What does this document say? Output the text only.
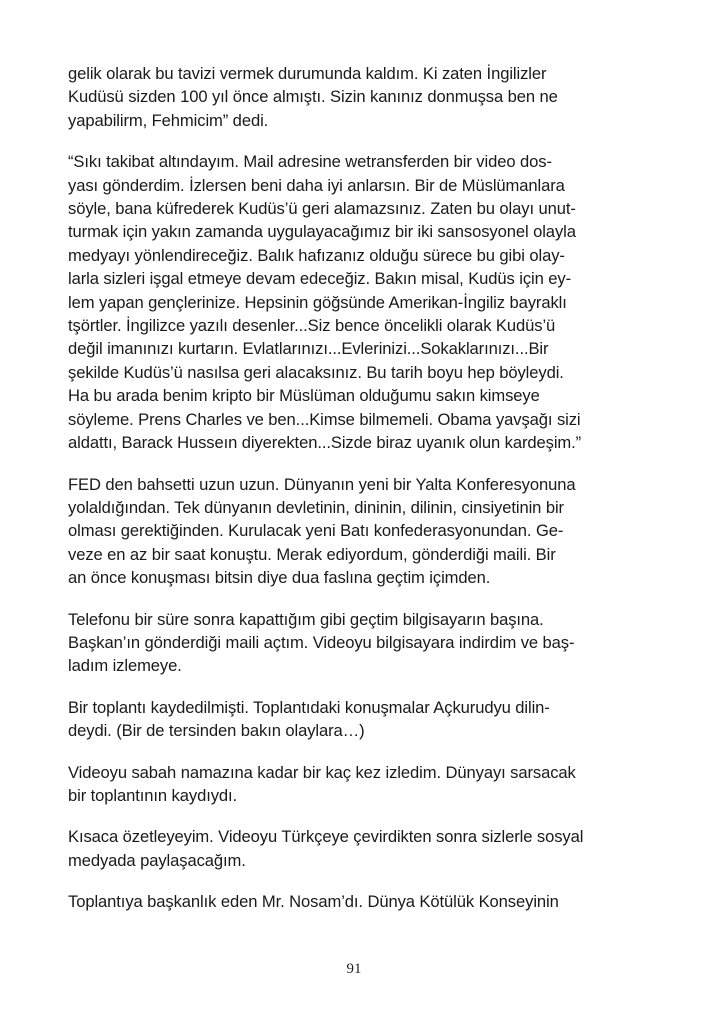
gelik olarak bu tavizi vermek durumunda kaldım. Ki zaten İngilizler
Kudüsü sizden 100 yıl önce almıştı. Sizin kanınız donmuşsa ben ne
yapabilirm, Fehmicim” dedi.

“Sıkı takibat altındayım. Mail adresine wetransferden bir video dos-
yası gönderdim. İzlersen beni daha iyi anlarsın. Bir de Müslümanlara
söyle, bana küfrederek Kudüs’ü geri alamazsınız. Zaten bu olayı unut-
turmak için yakın zamanda uygulayacağımız bir iki sansosyonel olayla
medyayı yönlendireceğiz. Balık hafızanız olduğu sürece bu gibi olay-
larla sizleri işgal etmeye devam edeceğiz. Bakın misal, Kudüs için ey-
lem yapan gençlerinize. Hepsinin göğsünde Amerikan-İngiliz bayraklı
tşörtler. İngilizce yazılı desenler...Siz bence öncelikli olarak Kudüs’ü
değil imanınızı kurtarın. Evlatlarınızı...Evlerinizi...Sokaklarınızı...Bir
şekilde Kudüs’ü nasılsa geri alacaksınız. Bu tarih boyu hep böyleydi.
Ha bu arada benim kripto bir Müslüman olduğumu sakın kimseye
söyleme. Prens Charles ve ben...Kimse bilmemeli. Obama yavşağı sizi
aldattı, Barack Husseın diyerekten...Sizde biraz uyanık olun kardeşim.”

FED den bahsetti uzun uzun. Dünyanın yeni bir Yalta Konferesyonuna
yolaldığından. Tek dünyanın devletinin, dininin, dilinin, cinsiyetinin bir
olması gerektiğinden. Kurulacak yeni Batı konfederasyonundan. Ge-
veze en az bir saat konuştu. Merak ediyordum, gönderdiği maili. Bir
an önce konuşması bitsin diye dua faslına geçtim içimden.

Telefonu bir süre sonra kapattığım gibi geçtim bilgisayarın başına.
Başkan’ın gönderdiği maili açtım. Videoyu bilgisayara indirdim ve baş-
ladım izlemeye.

Bir toplantı kaydedilmişti. Toplantıdaki konuşmalar Açkurudyu dilin-
deydi. (Bir de tersinden bakın olaylara…)

Videoyu sabah namazına kadar bir kaç kez izledim. Dünyayı sarsacak
bir toplantının kaydıydı.

Kısaca özetleyeyim. Videoyu Türkçeye çevirdikten sonra sizlerle sosyal
medyada paylaşacağım.

Toplantıya başkanlık eden Mr. Nosam’dı. Dünya Kötülük Konseyinin

91
